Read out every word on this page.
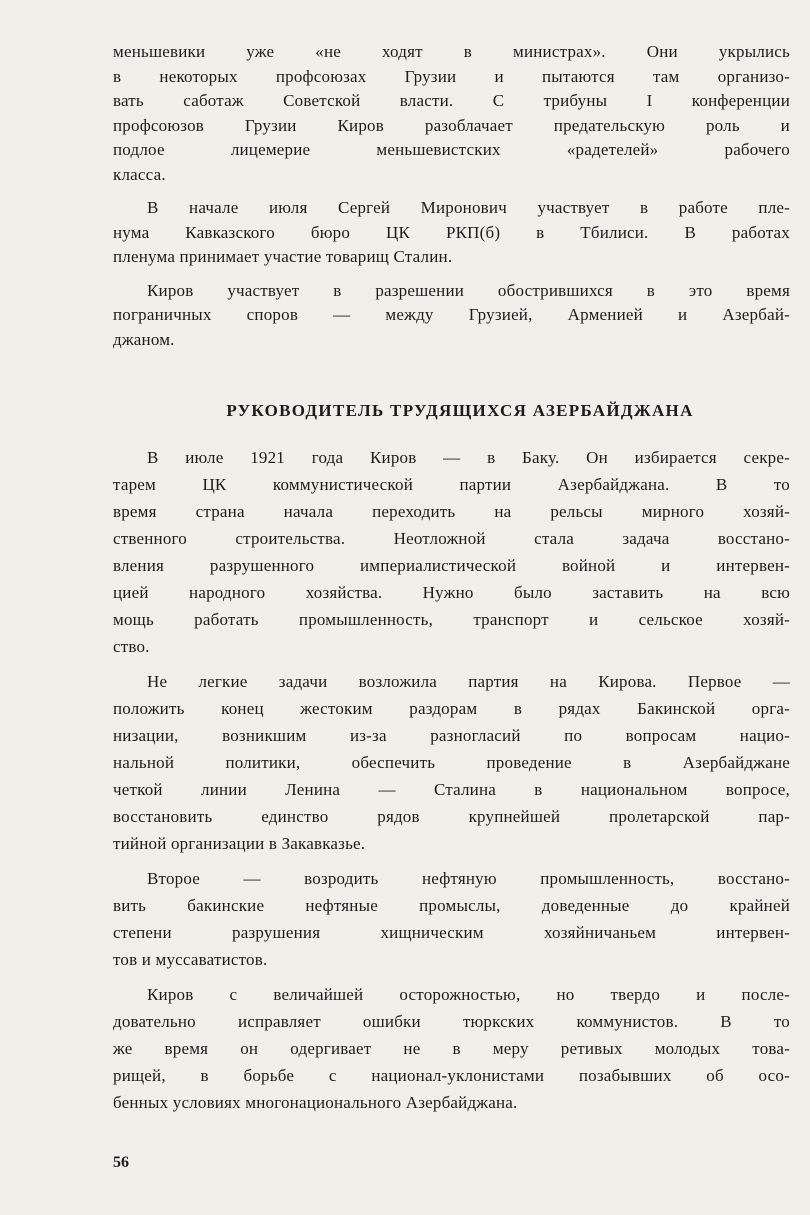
меньшевики уже «не ходят в министрах». Они укрылись
в некоторых профсоюзах Грузии и пытаются там организо-
вать саботаж Советской власти. С трибуны I конференции
профсоюзов Грузии Киров разоблачает предательскую роль и
подлое лицемерие меньшевистских «радетелей» рабочего
класса.
В начале июля Сергей Миронович участвует в работе пле-
нума Кавказского бюро ЦК РКП(б) в Тбилиси. В работах
пленума принимает участие товарищ Сталин.
Киров участвует в разрешении обострившихся в это время
пограничных споров — между Грузией, Арменией и Азербай-
джаном.
В июле 1921 года Киров — в Баку. Он избирается секре-
тарем ЦК коммунистической партии Азербайджана. В то
время страна начала переходить на рельсы мирного хозяй-
ственного строительства. Неотложной стала задача восстано-
вления разрушенного империалистической войной и интервен-
цией народного хозяйства. Нужно было заставить на всю
мощь работать промышленность, транспорт и сельское хозяй-
ство.
Не легкие задачи возложила партия на Кирова. Первое —
положить конец жестоким раздорам в рядах Бакинской орга-
низации, возникшим из-за разногласий по вопросам нацио-
нальной политики, обеспечить проведение в Азербайджане
четкой линии Ленина — Сталина в национальном вопросе,
восстановить единство рядов крупнейшей пролетарской пар-
тийной организации в Закавказье.
Второе — возродить нефтяную промышленность, восстано-
вить бакинские нефтяные промыслы, доведенные до крайней
степени разрушения хищническим хозяйничаньем интервен-
тов и муссаватистов.
Киров с величайшей осторожностью, но твердо и после-
довательно исправляет ошибки тюркских коммунистов. В то
же время он одергивает не в меру ретивых молодых това-
рищей, в борьбе с национал-уклонистами позабывших об осо-
бенных условиях многонационального Азербайджана.
РУКОВОДИТЕЛЬ ТРУДЯЩИХСЯ АЗЕРБАЙДЖАНА
56
